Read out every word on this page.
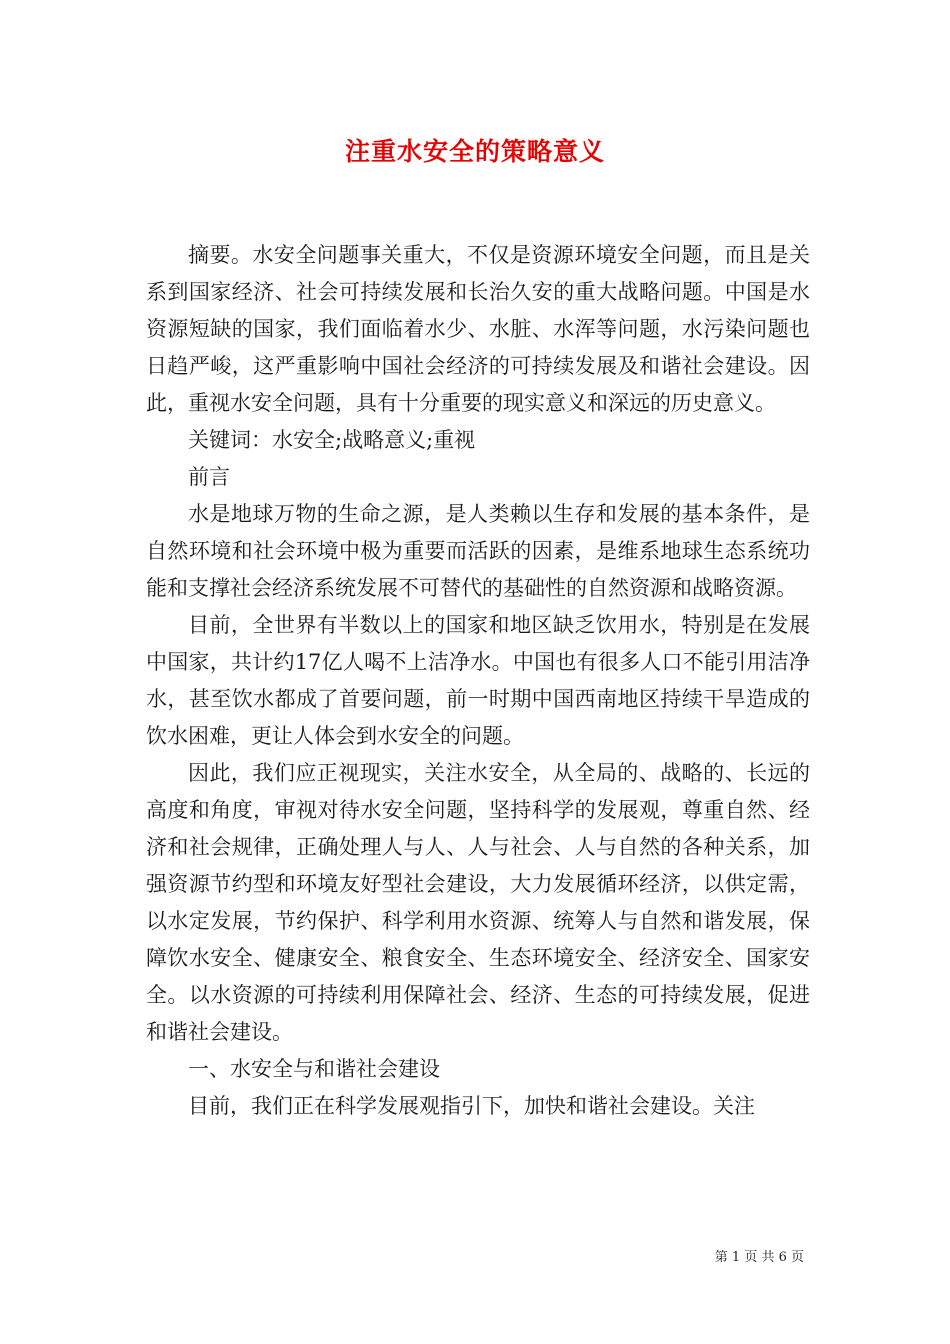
注重水安全的策略意义

摘要。水安全问题事关重大，不仅是资源环境安全问题，而且是关系到国家经济、社会可持续发展和长治久安的重大战略问题。中国是水资源短缺的国家，我们面临着水少、水脏、水浑等问题，水污染问题也日趋严峻，这严重影响中国社会经济的可持续发展及和谐社会建设。因此，重视水安全问题，具有十分重要的现实意义和深远的历史意义。

关键词：水安全;战略意义;重视

前言

水是地球万物的生命之源，是人类赖以生存和发展的基本条件，是自然环境和社会环境中极为重要而活跃的因素，是维系地球生态系统功能和支撑社会经济系统发展不可替代的基础性的自然资源和战略资源。

目前，全世界有半数以上的国家和地区缺乏饮用水，特别是在发展中国家，共计约17亿人喝不上洁净水。中国也有很多人口不能引用洁净水，甚至饮水都成了首要问题，前一时期中国西南地区持续干旱造成的饮水困难，更让人体会到水安全的问题。

因此，我们应正视现实，关注水安全，从全局的、战略的、长远的高度和角度，审视对待水安全问题，坚持科学的发展观，尊重自然、经济和社会规律，正确处理人与人、人与社会、人与自然的各种关系，加强资源节约型和环境友好型社会建设，大力发展循环经济，以供定需，以水定发展，节约保护、科学利用水资源、统筹人与自然和谐发展，保障饮水安全、健康安全、粮食安全、生态环境安全、经济安全、国家安全。以水资源的可持续利用保障社会、经济、生态的可持续发展，促进和谐社会建设。

一、水安全与和谐社会建设

目前，我们正在科学发展观指引下，加快和谐社会建设。关注

第 1 页 共 6 页
